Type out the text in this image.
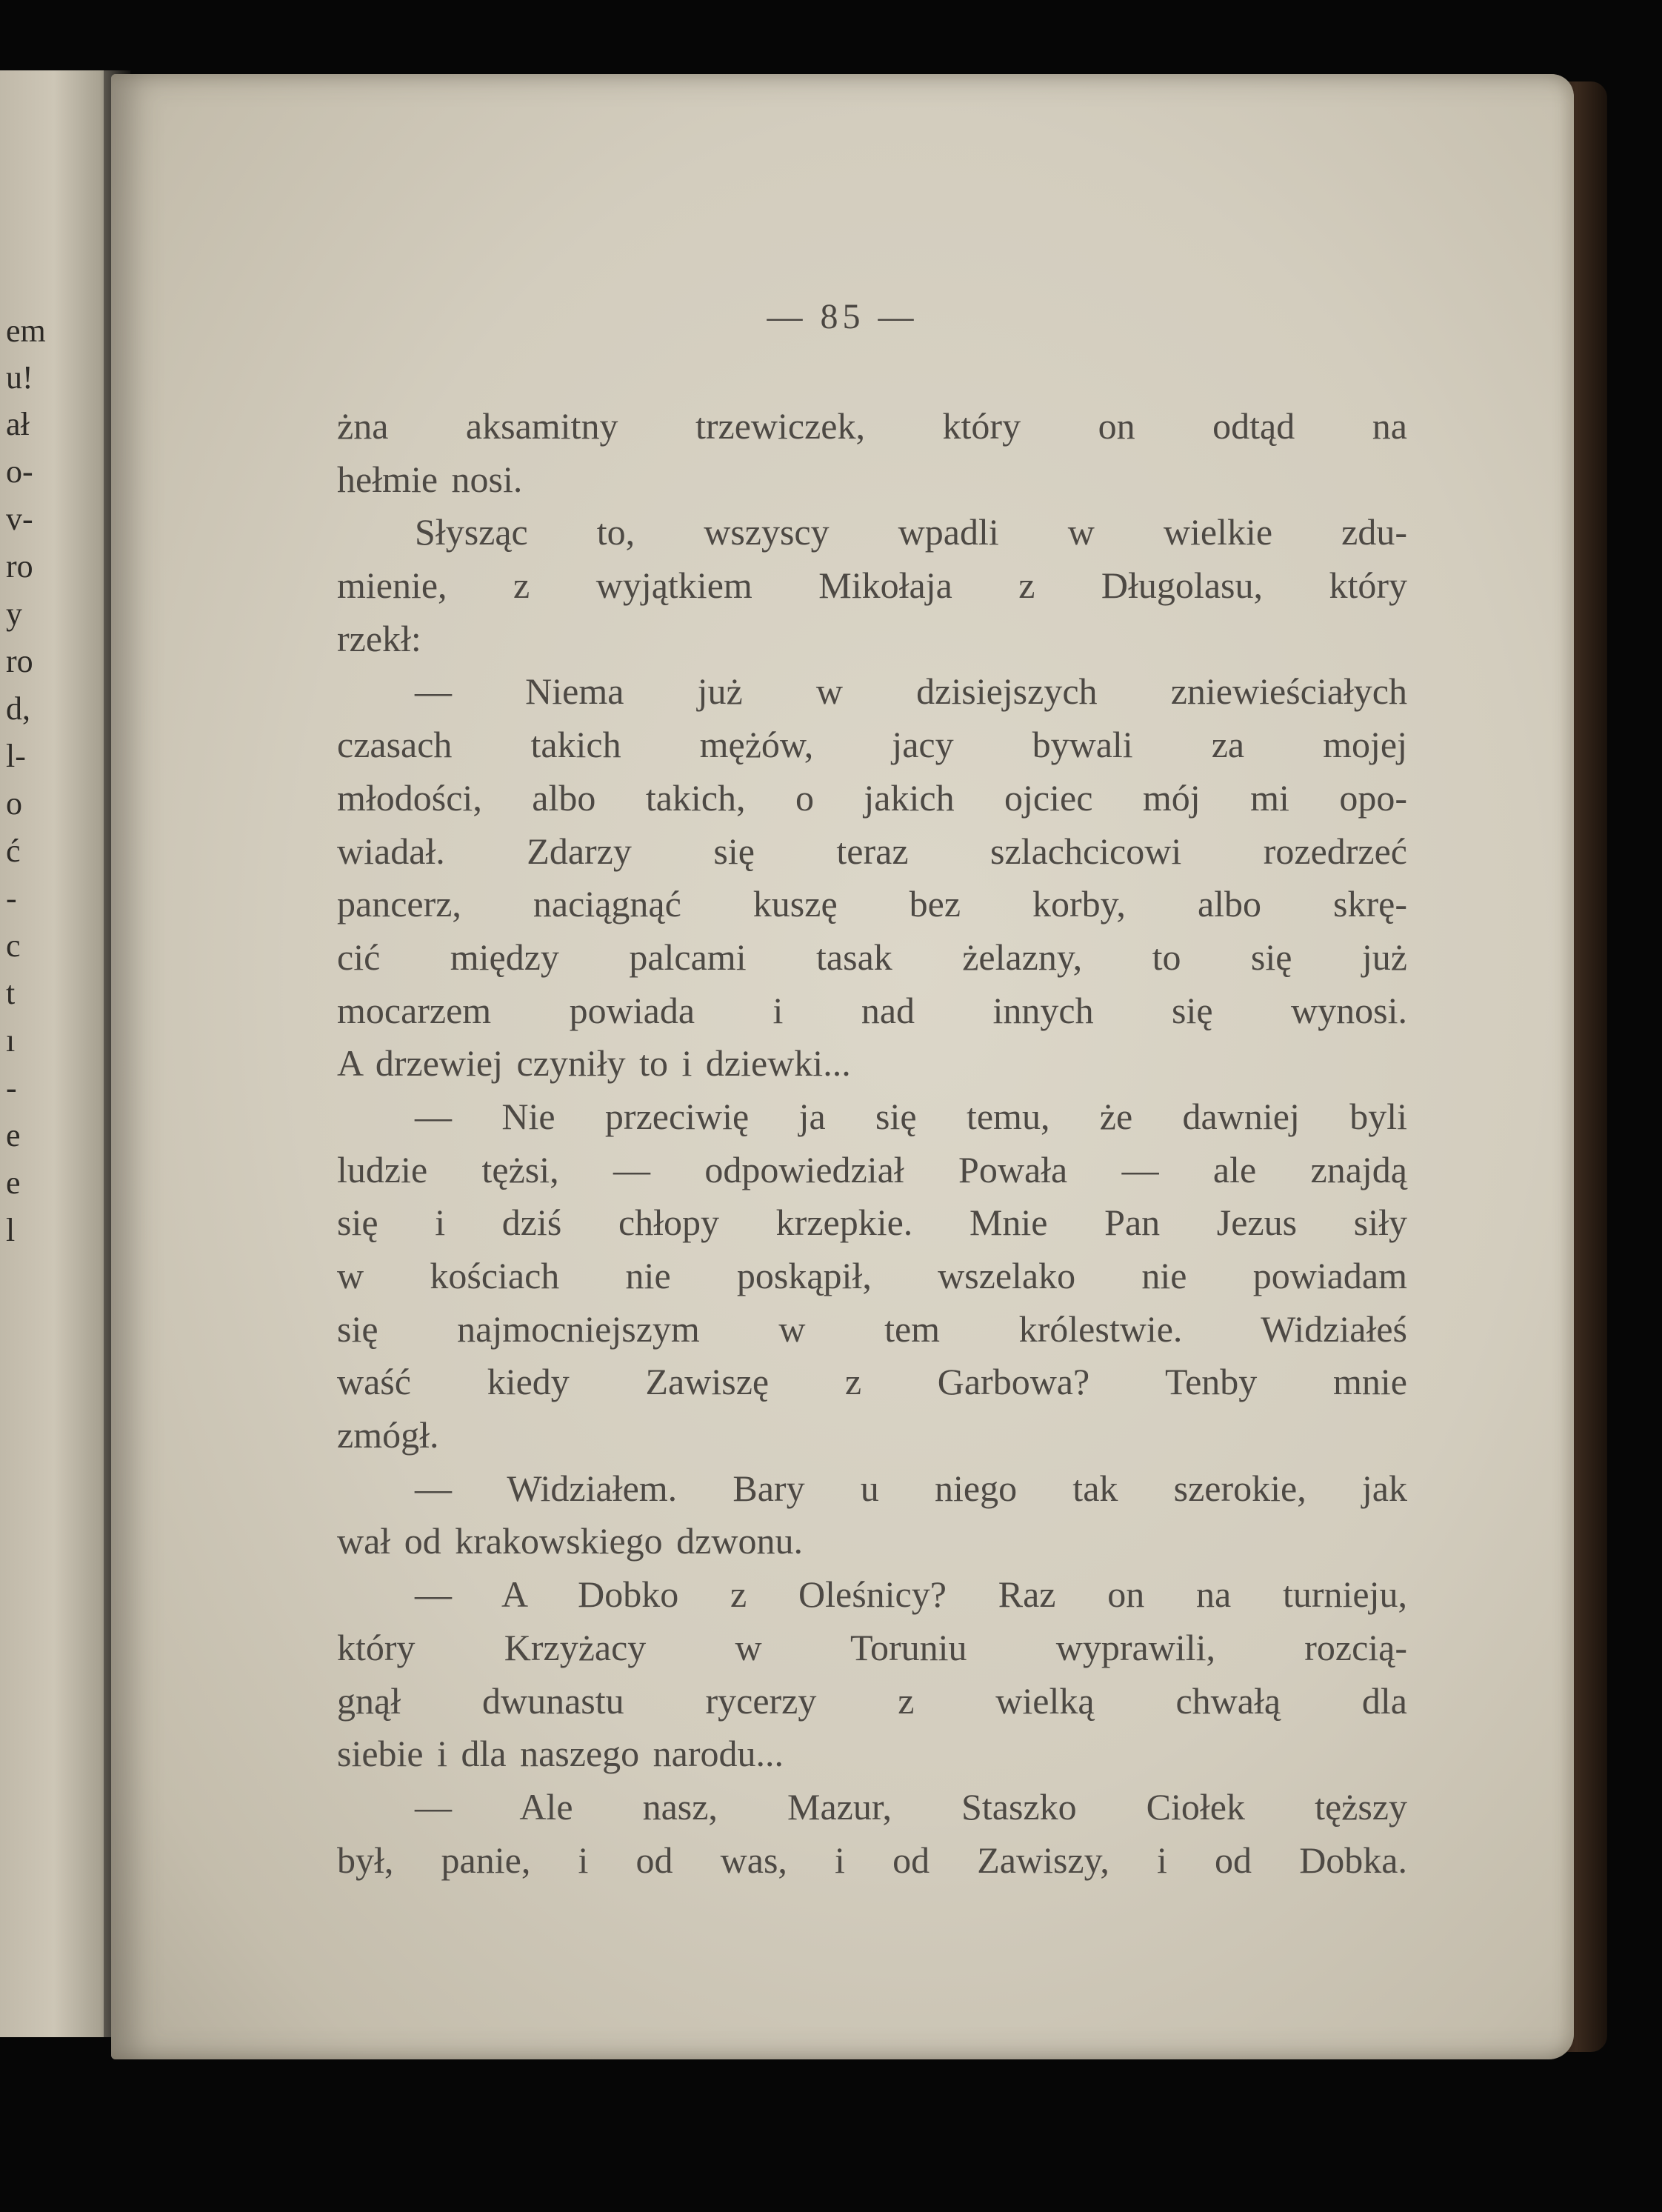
em
u!
ał
o-
v-
ro
y
ro
d,
l-
o
ć
-
c
t
ı
-
e
e
l
— 85 —
żna aksamitny trzewiczek, który on odtąd na
hełmie nosi.
Słysząc to, wszyscy wpadli w wielkie zdu-
mienie, z wyjątkiem Mikołaja z Długolasu, który
rzekł:
— Niema już w dzisiejszych zniewieściałych
czasach takich mężów, jacy bywali za mojej
młodości, albo takich, o jakich ojciec mój mi opo-
wiadał. Zdarzy się teraz szlachcicowi rozedrzeć
pancerz, naciągnąć kuszę bez korby, albo skrę-
cić między palcami tasak żelazny, to się już
mocarzem powiada i nad innych się wynosi.
A drzewiej czyniły to i dziewki...
— Nie przeciwię ja się temu, że dawniej byli
ludzie tężsi, — odpowiedział Powała — ale znajdą
się i dziś chłopy krzepkie. Mnie Pan Jezus siły
w kościach nie poskąpił, wszelako nie powiadam
się najmocniejszym w tem królestwie. Widziałeś
waść kiedy Zawiszę z Garbowa? Tenby mnie
zmógł.
— Widziałem. Bary u niego tak szerokie, jak
wał od krakowskiego dzwonu.
— A Dobko z Oleśnicy? Raz on na turnieju,
który Krzyżacy w Toruniu wyprawili, rozcią-
gnął dwunastu rycerzy z wielką chwałą dla
siebie i dla naszego narodu...
— Ale nasz, Mazur, Staszko Ciołek tęższy
był, panie, i od was, i od Zawiszy, i od Dobka.
